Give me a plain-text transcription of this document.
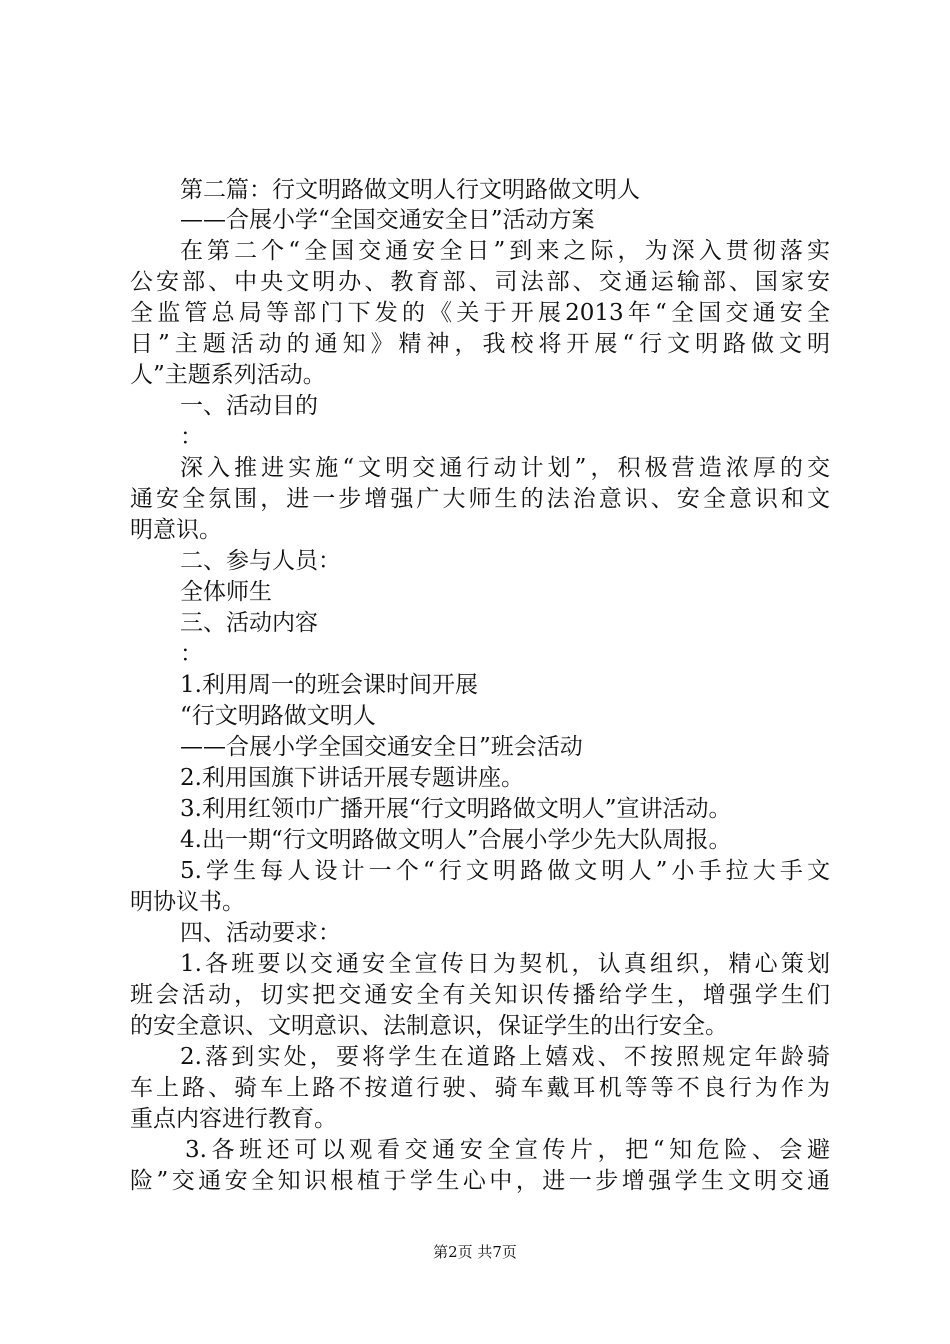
第二篇：行文明路做文明人行文明路做文明人
——合展小学“全国交通安全日”活动方案
在第二个“全国交通安全日”到来之际，为深入贯彻落实
公安部、中央文明办、教育部、司法部、交通运输部、国家安
全监管总局等部门下发的《关于开展2013年“全国交通安全
日”主题活动的通知》精神，我校将开展“行文明路做文明
人”主题系列活动。
一、活动目的
：
深入推进实施“文明交通行动计划”，积极营造浓厚的交
通安全氛围，进一步增强广大师生的法治意识、安全意识和文
明意识。
二、参与人员：
全体师生
三、活动内容
：
1.利用周一的班会课时间开展
“行文明路做文明人
——合展小学全国交通安全日”班会活动
2.利用国旗下讲话开展专题讲座。
3.利用红领巾广播开展“行文明路做文明人”宣讲活动。
4.出一期“行文明路做文明人”合展小学少先大队周报。
5.学生每人设计一个“行文明路做文明人”小手拉大手文
明协议书。
四、活动要求：
1.各班要以交通安全宣传日为契机，认真组织，精心策划
班会活动，切实把交通安全有关知识传播给学生，增强学生们
的安全意识、文明意识、法制意识，保证学生的出行安全。
2.落到实处，要将学生在道路上嬉戏、不按照规定年龄骑
车上路、骑车上路不按道行驶、骑车戴耳机等等不良行为作为
重点内容进行教育。
3.各班还可以观看交通安全宣传片，把“知危险、会避
险”交通安全知识根植于学生心中，进一步增强学生文明交通
第2页 共7页
